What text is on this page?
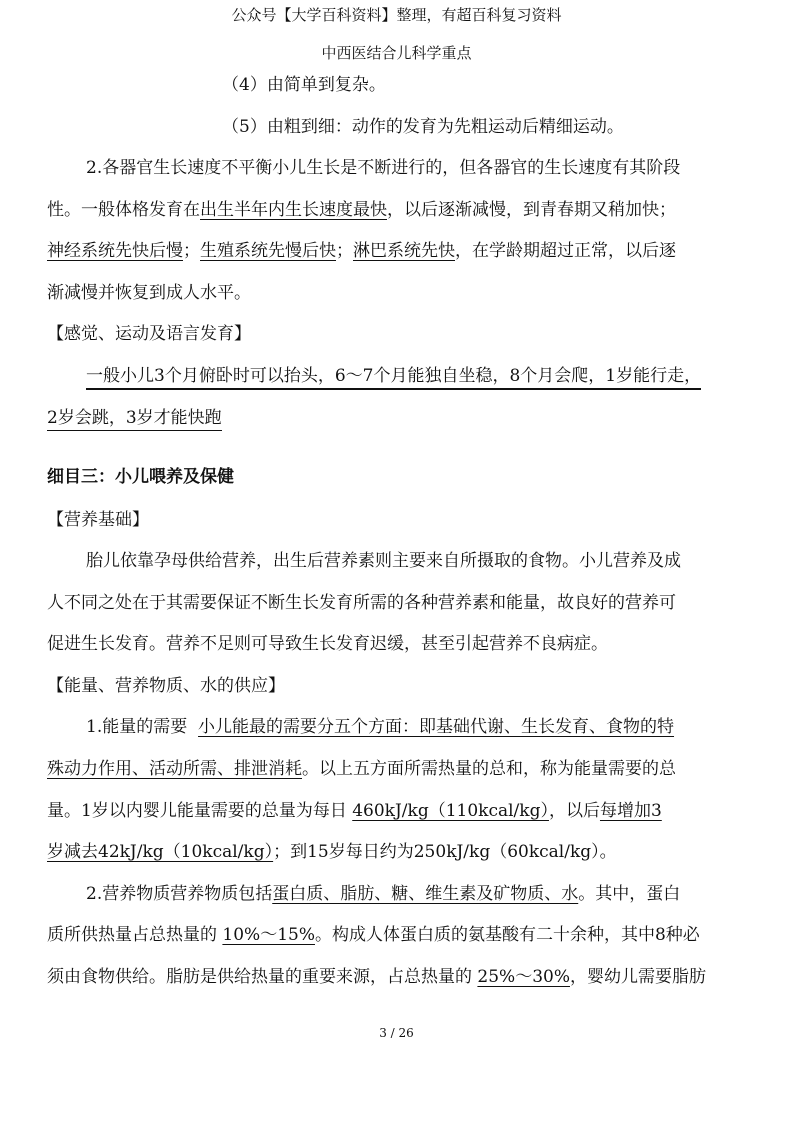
公众号【大学百科资料】整理，有超百科复习资料
中西医结合儿科学重点
（4）由简单到复杂。
（5）由粗到细：动作的发育为先粗运动后精细运动。
2.各器官生长速度不平衡小儿生长是不断进行的，但各器官的生长速度有其阶段
性。一般体格发育在出生半年内生长速度最快，以后逐渐减慢，到青春期又稍加快；
神经系统先快后慢；生殖系统先慢后快；淋巴系统先快，在学龄期超过正常，以后逐
渐减慢并恢复到成人水平。
【感觉、运动及语言发育】
一般小儿3个月俯卧时可以抬头，6～7个月能独自坐稳，8个月会爬，1岁能行走，
2岁会跳，3岁才能快跑
细目三：小儿喂养及保健
【营养基础】
胎儿依靠孕母供给营养，出生后营养素则主要来自所摄取的食物。小儿营养及成
人不同之处在于其需要保证不断生长发育所需的各种营养素和能量，故良好的营养可
促进生长发育。营养不足则可导致生长发育迟缓，甚至引起营养不良病症。
【能量、营养物质、水的供应】
1.能量的需要  小儿能最的需要分五个方面：即基础代谢、生长发育、食物的特
殊动力作用、活动所需、排泄消耗。以上五方面所需热量的总和，称为能量需要的总
量。1岁以内婴儿能量需要的总量为每日 460kJ/kg（110kcal/kg），以后每增加3
岁减去42kJ/kg（10kcal/kg）；到15岁每日约为250kJ/kg（60kcal/kg）。
2.营养物质营养物质包括蛋白质、脂肪、糖、维生素及矿物质、水。其中，蛋白
质所供热量占总热量的 10%～15%。构成人体蛋白质的氨基酸有二十余种，其中8种必
须由食物供给。脂肪是供给热量的重要来源，占总热量的 25%～30%，婴幼儿需要脂肪
3 / 26
